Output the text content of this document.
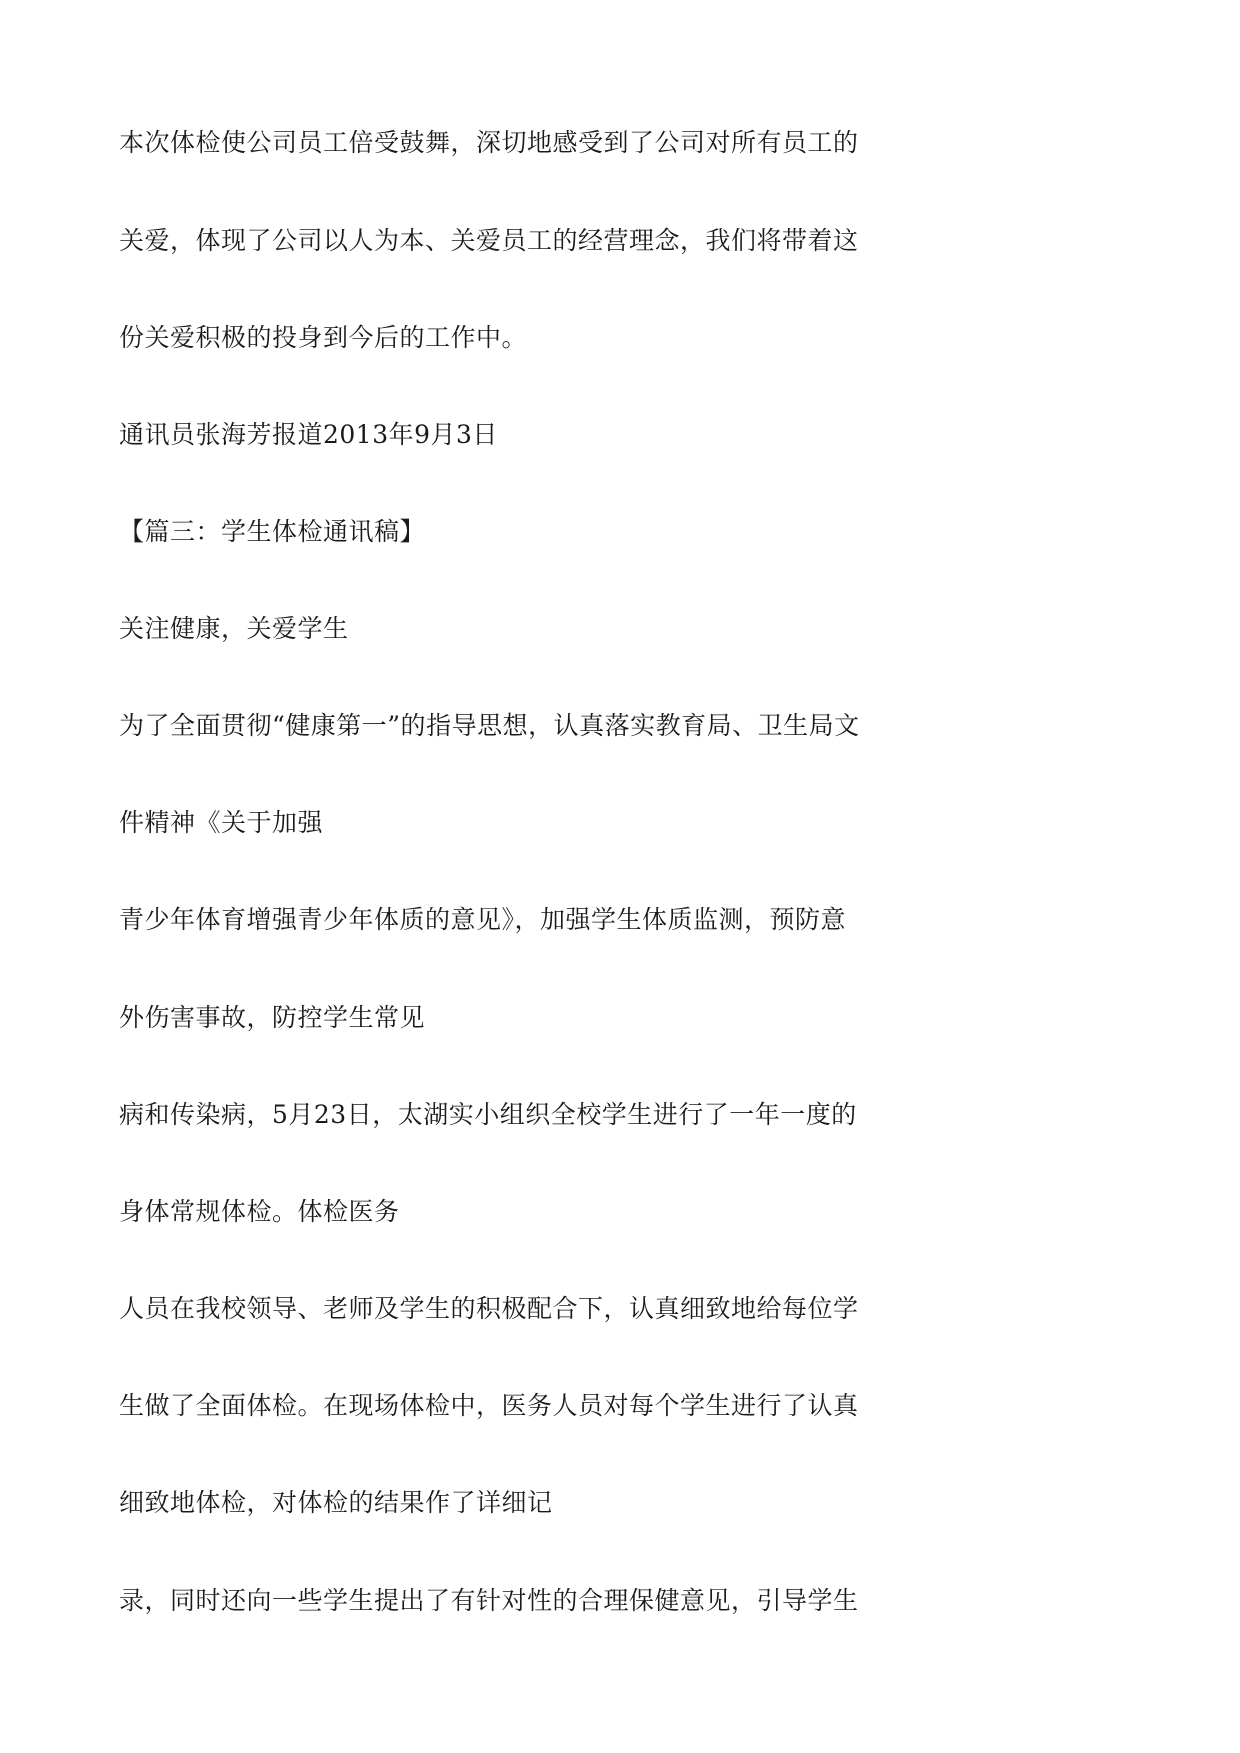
本次体检使公司员工倍受鼓舞，深切地感受到了公司对所有员工的
关爱，体现了公司以人为本、关爱员工的经营理念，我们将带着这
份关爱积极的投身到今后的工作中。
通讯员张海芳报道2013年9月3日
【篇三：学生体检通讯稿】
关注健康，关爱学生
为了全面贯彻“健康第一”的指导思想，认真落实教育局、卫生局文
件精神《关于加强
青少年体育增强青少年体质的意见》，加强学生体质监测，预防意
外伤害事故，防控学生常见
病和传染病，5月23日，太湖实小组织全校学生进行了一年一度的
身体常规体检。体检医务
人员在我校领导、老师及学生的积极配合下，认真细致地给每位学
生做了全面体检。在现场体检中，医务人员对每个学生进行了认真
细致地体检，对体检的结果作了详细记
录，同时还向一些学生提出了有针对性的合理保健意见，引导学生
